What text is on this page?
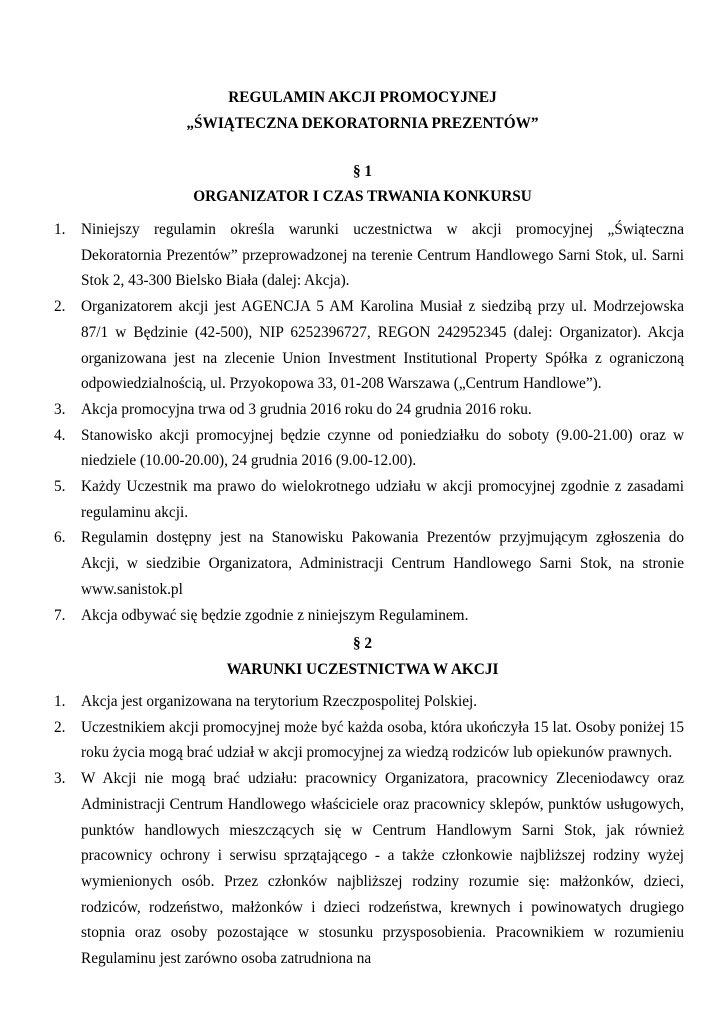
REGULAMIN AKCJI PROMOCYJNEJ
„ŚWIĄTECZNA DEKORATORNIA PREZENTÓW”
§ 1
ORGANIZATOR I CZAS TRWANIA KONKURSU
1.	Niniejszy regulamin określa warunki uczestnictwa w akcji promocyjnej „Świąteczna Dekoratornia Prezentów” przeprowadzonej na terenie Centrum Handlowego Sarni Stok, ul. Sarni Stok 2, 43-300 Bielsko Biała (dalej: Akcja).
2.	Organizatorem akcji jest AGENCJA 5 AM Karolina Musiał z siedzibą przy ul. Modrzejowska 87/1 w Będzinie (42-500), NIP 6252396727, REGON 242952345 (dalej: Organizator). Akcja organizowana jest na zlecenie Union Investment Institutional Property Spółka z ograniczoną odpowiedzialnością, ul. Przyokopowa 33, 01-208 Warszawa („Centrum Handlowe”).
3.	Akcja promocyjna trwa od 3 grudnia 2016 roku do 24 grudnia 2016 roku.
4.	Stanowisko akcji promocyjnej będzie czynne od poniedziałku do soboty (9.00-21.00) oraz w niedziele (10.00-20.00), 24 grudnia 2016 (9.00-12.00).
5.	Każdy Uczestnik ma prawo do wielokrotnego udziału w akcji promocyjnej zgodnie z zasadami regulaminu akcji.
6.	Regulamin dostępny jest na Stanowisku Pakowania Prezentów przyjmującym zgłoszenia do Akcji, w siedzibie Organizatora, Administracji Centrum Handlowego Sarni Stok, na stronie www.sanistok.pl
7.	Akcja odbywać się będzie zgodnie z niniejszym Regulaminem.
§ 2
WARUNKI UCZESTNICTWA W AKCJI
1.	Akcja jest organizowana na terytorium Rzeczpospolitej Polskiej.
2.	Uczestnikiem akcji promocyjnej może być każda osoba, która ukończyła 15 lat. Osoby poniżej 15 roku życia mogą brać udział w akcji promocyjnej za wiedzą rodziców lub opiekunów prawnych.
3.	W Akcji nie mogą brać udziału: pracownicy Organizatora, pracownicy Zleceniodawcy oraz Administracji Centrum Handlowego właściciele oraz pracownicy sklepów, punktów usługowych, punktów handlowych mieszczących się w Centrum Handlowym Sarni Stok, jak również pracownicy ochrony i serwisu sprzątającego - a także członkowie najbliższej rodziny wyżej wymienionych osób. Przez członków najbliższej rodziny rozumie się: małżonków, dzieci, rodziców, rodzeństwo, małżonków i dzieci rodzeństwa, krewnych i powinowatych drugiego stopnia oraz osoby pozostające w stosunku przysposobienia. Pracownikiem w rozumieniu Regulaminu jest zarówno osoba zatrudniona na
